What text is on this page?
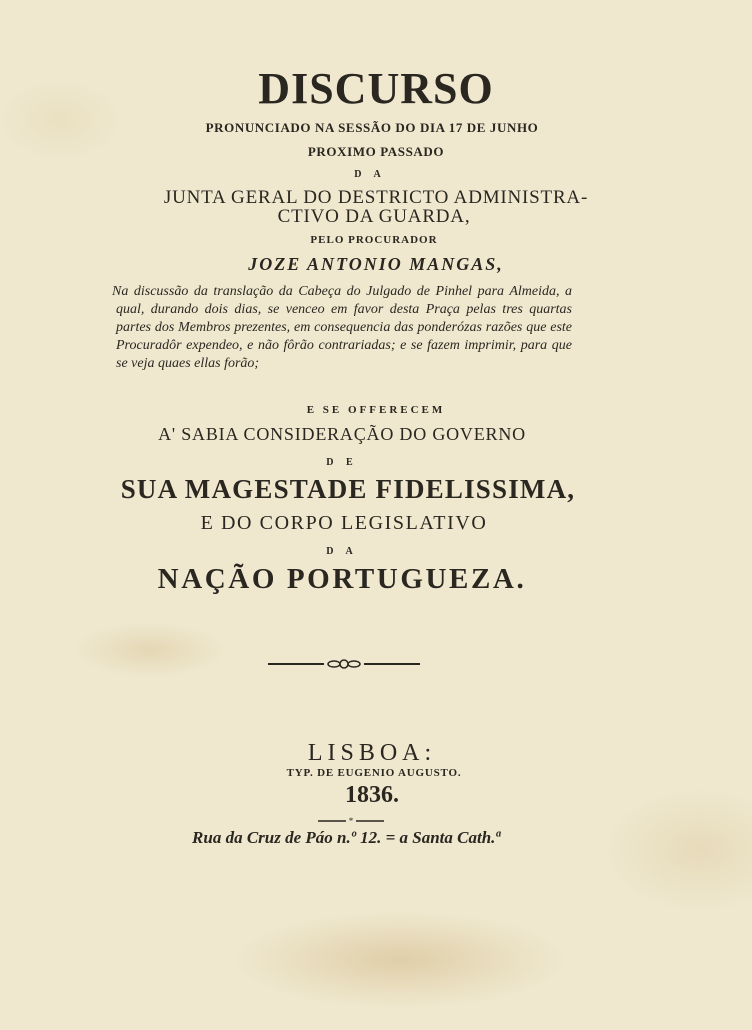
DISCURSO

PRONUNCIADO NA SESSÃO DO DIA 17 DE JUNHO

PROXIMO PASSADO

D A

JUNTA GERAL DO DESTRICTO ADMINISTRA-

CTIVO DA GUARDA,

PELO PROCURADOR

JOZE ANTONIO MANGAS,

Na discussão da translação da Cabeça do Julgado de Pinhel para Almeida, a qual, durando dois dias, se venceo em favor desta Praça pelas tres quartas partes dos Membros prezentes, em consequencia das ponderózas razões que este Procuradôr expendeo, e não fôrão contrariadas; e se fazem imprimir, para que se veja quaes ellas forão;

E SE OFFERECEM

A' SABIA CONSIDERAÇÃO DO GOVERNO

D E

SUA MAGESTADE FIDELISSIMA,

E DO CORPO LEGISLATIVO

D A

NAÇÃO PORTUGUEZA.

LISBOA:

TYP. DE EUGENIO AUGUSTO.

1836.

*

Rua da Cruz de Páo n.º 12. = a Santa Cath.ª
